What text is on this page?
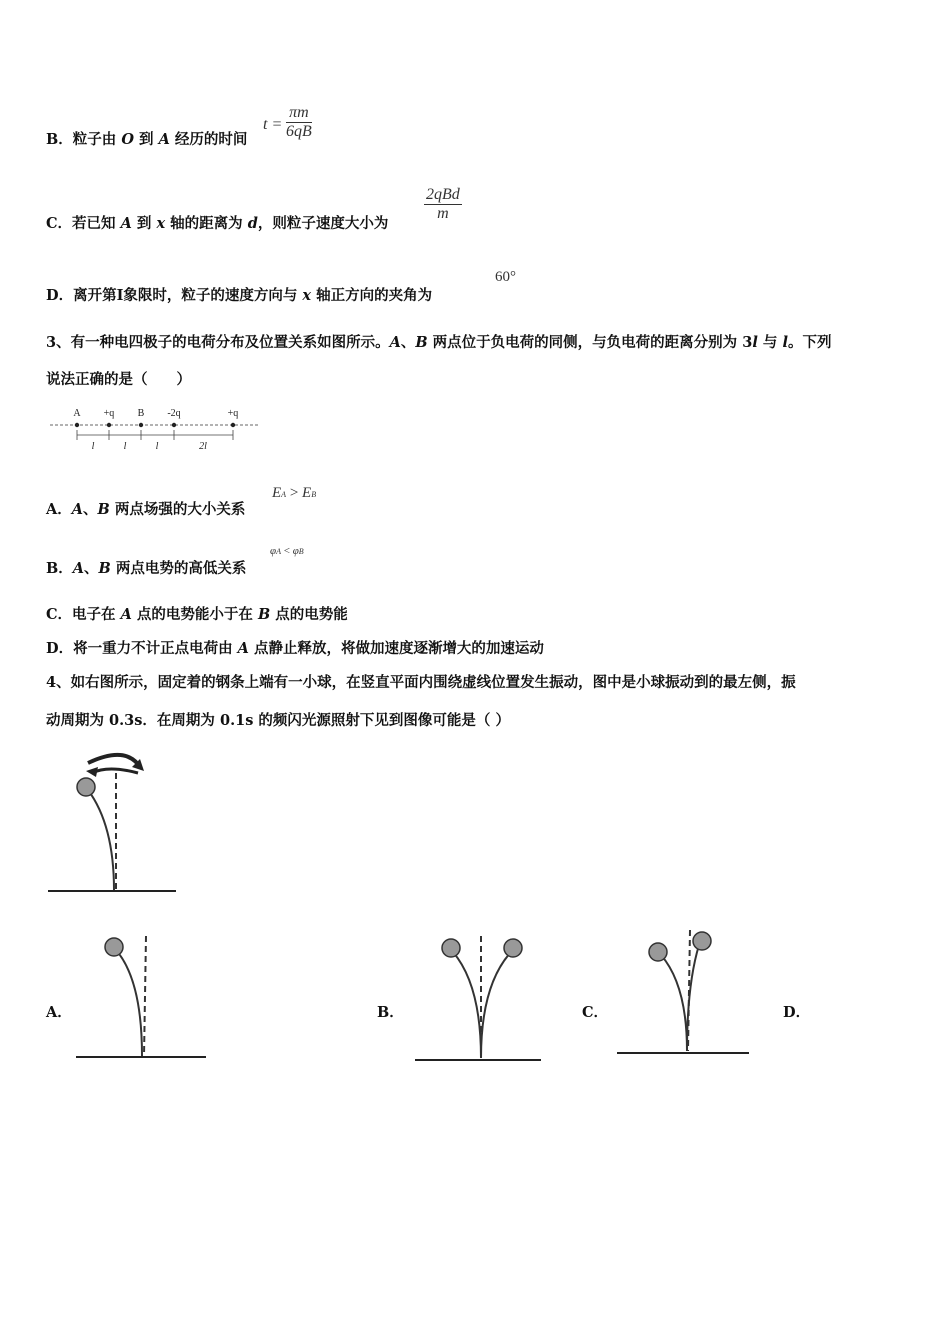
B．粒子由 O 到 A 经历的时间
t =
πm
6qB
C．若已知 A 到 x 轴的距离为 d，则粒子速度大小为
2qBd
m
D．离开第Ⅰ象限时，粒子的速度方向与 x 轴正方向的夹角为
60°
3、有一种电四极子的电荷分布及位置关系如图所示。A、B 两点位于负电荷的同侧，与负电荷的距离分别为 3l 与 l。下列
说法正确的是（　　）
A +q B -2q	+q
l	l	l	2l
A．A、B 两点场强的大小关系
EA > EB
B．A、B 两点电势的高低关系
φA < φB
C．电子在 A 点的电势能小于在 B 点的电势能
D．将一重力不计正点电荷由 A 点静止释放，将做加速度逐渐增大的加速运动
4、如右图所示，固定着的钢条上端有一小球，在竖直平面内围绕虚线位置发生振动，图中是小球振动到的最左侧，振
动周期为 0.3s．在周期为 0.1s 的频闪光源照射下见到图像可能是（ ）
A．	B．	C．	D．
